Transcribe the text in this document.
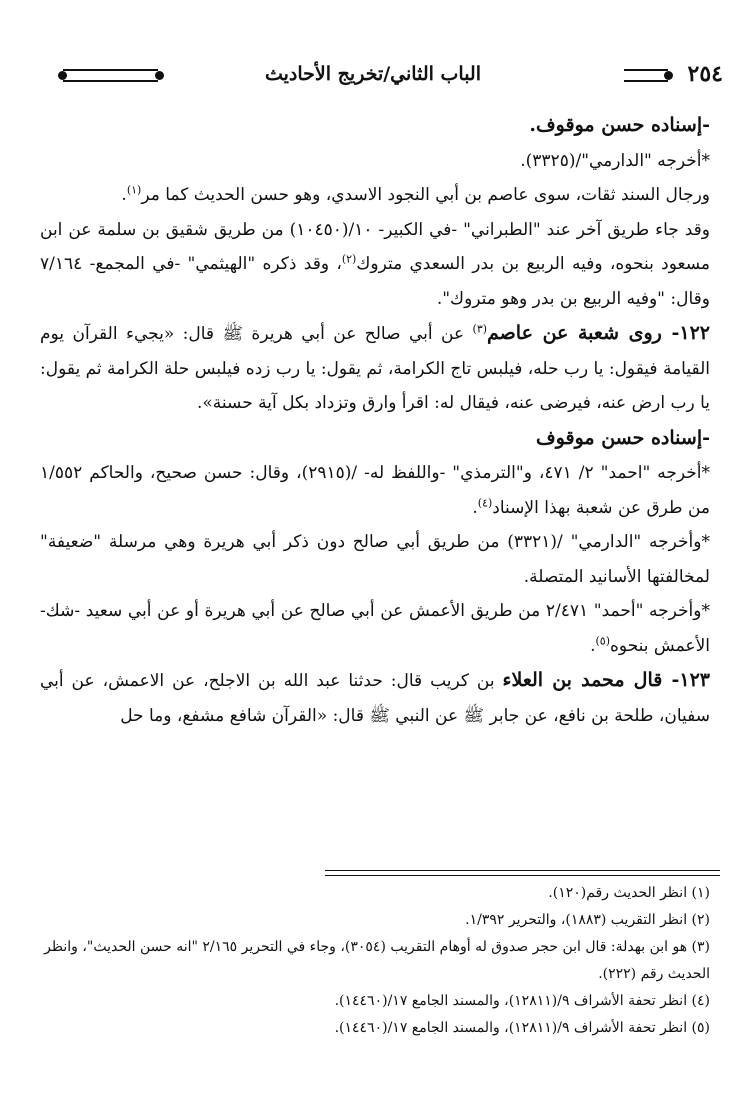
٢٥٤
الباب الثاني/تخريج الأحاديث

-إسناده حسن موقوف.

*أخرجه "الدارمي"/(٣٣٢٥).

ورجال السند ثقات، سوى عاصم بن أبي النجود الاسدي، وهو حسن الحديث كما مر$^{(١)}$.

وقد جاء طريق آخر عند "الطبراني" -في الكبير- ١٠/(١٠٤٥٠) من طريق شقيق بن سلمة عن ابن مسعود بنحوه، وفيه الربيع بن بدر السعدي متروك$^{(٢)}$، وقد ذكره "الهيثمي" -في المجمع- ٧/١٦٤ وقال: "وفيه الربيع بن بدر وهو متروك".

١٢٢- روى شعبة عن عاصم$^{(٣)}$ عن أبي صالح عن أبي هريرة ﷺ قال: «يجيء القرآن يوم القيامة فيقول: يا رب حله، فيلبس تاج الكرامة، ثم يقول: يا رب زده فيلبس حلة الكرامة ثم يقول: يا رب ارض عنه، فيرضى عنه، فيقال له: اقرأ وارق وتزداد بكل آية حسنة».

-إسناده حسن موقوف

*أخرجه "احمد" ٢/ ٤٧١، و"الترمذي" -واللفظ له- /(٢٩١٥)، وقال: حسن صحيح، والحاكم ١/٥٥٢ من طرق عن شعبة بهذا الإسناد$^{(٤)}$.

*وأخرجه "الدارمي" /(٣٣٢١) من طريق أبي صالح دون ذكر أبي هريرة وهي مرسلة "ضعيفة" لمخالفتها الأسانيد المتصلة.

*وأخرجه "أحمد" ٢/٤٧١ من طريق الأعمش عن أبي صالح عن أبي هريرة أو عن أبي سعيد -شك- الأعمش بنحوه$^{(٥)}$.

١٢٣- قال محمد بن العلاء بن كريب قال: حدثنا عبد الله بن الاجلح، عن الاعمش، عن أبي سفيان، طلحة بن نافع، عن جابر ﷺ عن النبي ﷺ قال: «القرآن شافع مشفع، وما حل

(١) انظر الحديث رقم(١٢٠).

(٢) انظر التقريب (١٨٨٣)، والتحرير ١/٣٩٢.

(٣) هو ابن بهدلة: قال ابن حجر صدوق له أوهام التقريب (٣٠٥٤)، وجاء في التحرير ٢/١٦٥ "انه حسن الحديث"، وانظر الحديث رقم (٢٢٢).

(٤) انظر تحفة الأشراف ٩/(١٢٨١١)، والمسند الجامع ١٧/(١٤٤٦٠).

(٥) انظر تحفة الأشراف ٩/(١٢٨١١)، والمسند الجامع ١٧/(١٤٤٦٠).
